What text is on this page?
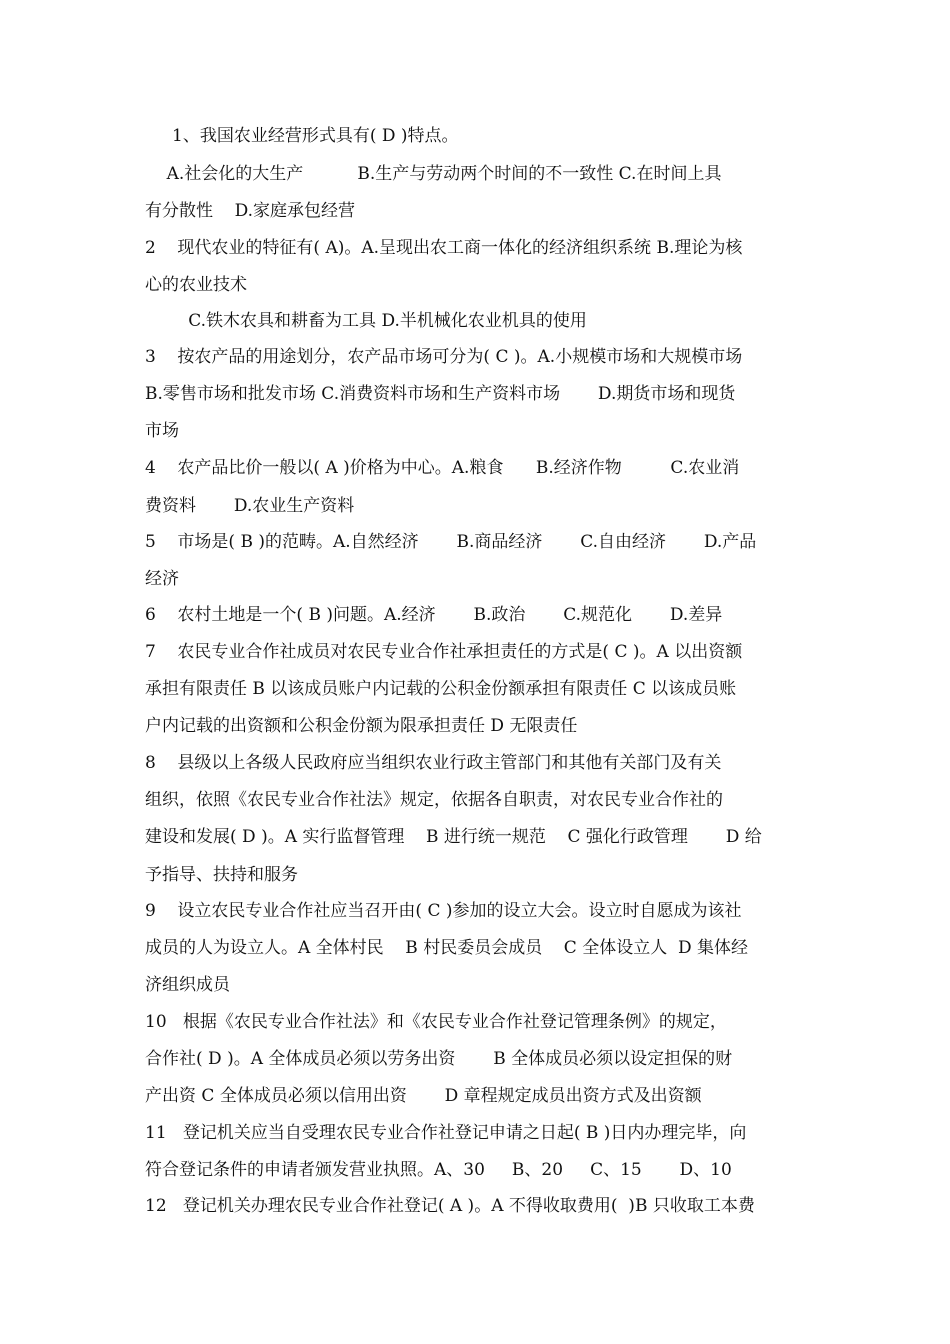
1、我国农业经营形式具有( D )特点。
A.社会化的大生产          B.生产与劳动两个时间的不一致性 C.在时间上具
有分散性    D.家庭承包经营
2    现代农业的特征有( A)。A.呈现出农工商一体化的经济组织系统 B.理论为核
心的农业技术
C.铁木农具和耕畜为工具 D.半机械化农业机具的使用
3    按农产品的用途划分，农产品市场可分为( C )。A.小规模市场和大规模市场
B.零售市场和批发市场 C.消费资料市场和生产资料市场       D.期货市场和现货
市场
4    农产品比价一般以( A )价格为中心。A.粮食      B.经济作物         C.农业消
费资料       D.农业生产资料
5    市场是( B )的范畴。A.自然经济       B.商品经济       C.自由经济       D.产品
经济
6    农村土地是一个( B )问题。A.经济       B.政治       C.规范化       D.差异
7    农民专业合作社成员对农民专业合作社承担责任的方式是( C )。A 以出资额
承担有限责任 B 以该成员账户内记载的公积金份额承担有限责任 C 以该成员账
户内记载的出资额和公积金份额为限承担责任 D 无限责任
8    县级以上各级人民政府应当组织农业行政主管部门和其他有关部门及有关
组织，依照《农民专业合作社法》规定，依据各自职责，对农民专业合作社的
建设和发展( D )。A 实行监督管理    B 进行统一规范    C 强化行政管理       D 给
予指导、扶持和服务
9    设立农民专业合作社应当召开由( C )参加的设立大会。设立时自愿成为该社
成员的人为设立人。A 全体村民    B 村民委员会成员    C 全体设立人  D 集体经
济组织成员
10   根据《农民专业合作社法》和《农民专业合作社登记管理条例》的规定，
合作社( D )。A 全体成员必须以劳务出资       B 全体成员必须以设定担保的财
产出资 C 全体成员必须以信用出资       D 章程规定成员出资方式及出资额
11   登记机关应当自受理农民专业合作社登记申请之日起( B )日内办理完毕，向
符合登记条件的申请者颁发营业执照。A、30     B、20     C、15       D、10
12   登记机关办理农民专业合作社登记( A )。A 不得收取费用(  )B 只收取工本费
